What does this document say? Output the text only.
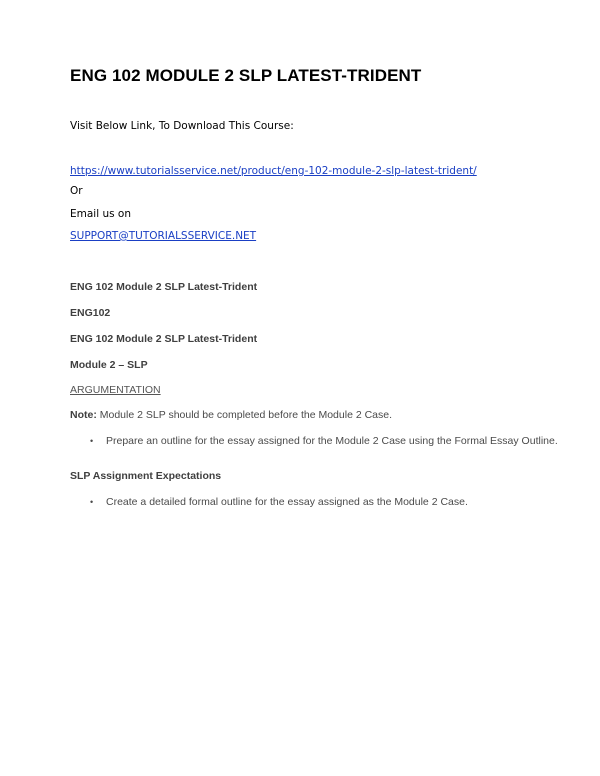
ENG 102 MODULE 2 SLP LATEST-TRIDENT
Visit Below Link, To Download This Course:
https://www.tutorialsservice.net/product/eng-102-module-2-slp-latest-trident/
Or
Email us on
SUPPORT@TUTORIALSSERVICE.NET
ENG 102 Module 2 SLP Latest-Trident
ENG102
ENG 102 Module 2 SLP Latest-Trident
Module 2 – SLP
ARGUMENTATION
Note: Module 2 SLP should be completed before the Module 2 Case.
• Prepare an outline for the essay assigned for the Module 2 Case using the Formal Essay Outline.
SLP Assignment Expectations
• Create a detailed formal outline for the essay assigned as the Module 2 Case.
